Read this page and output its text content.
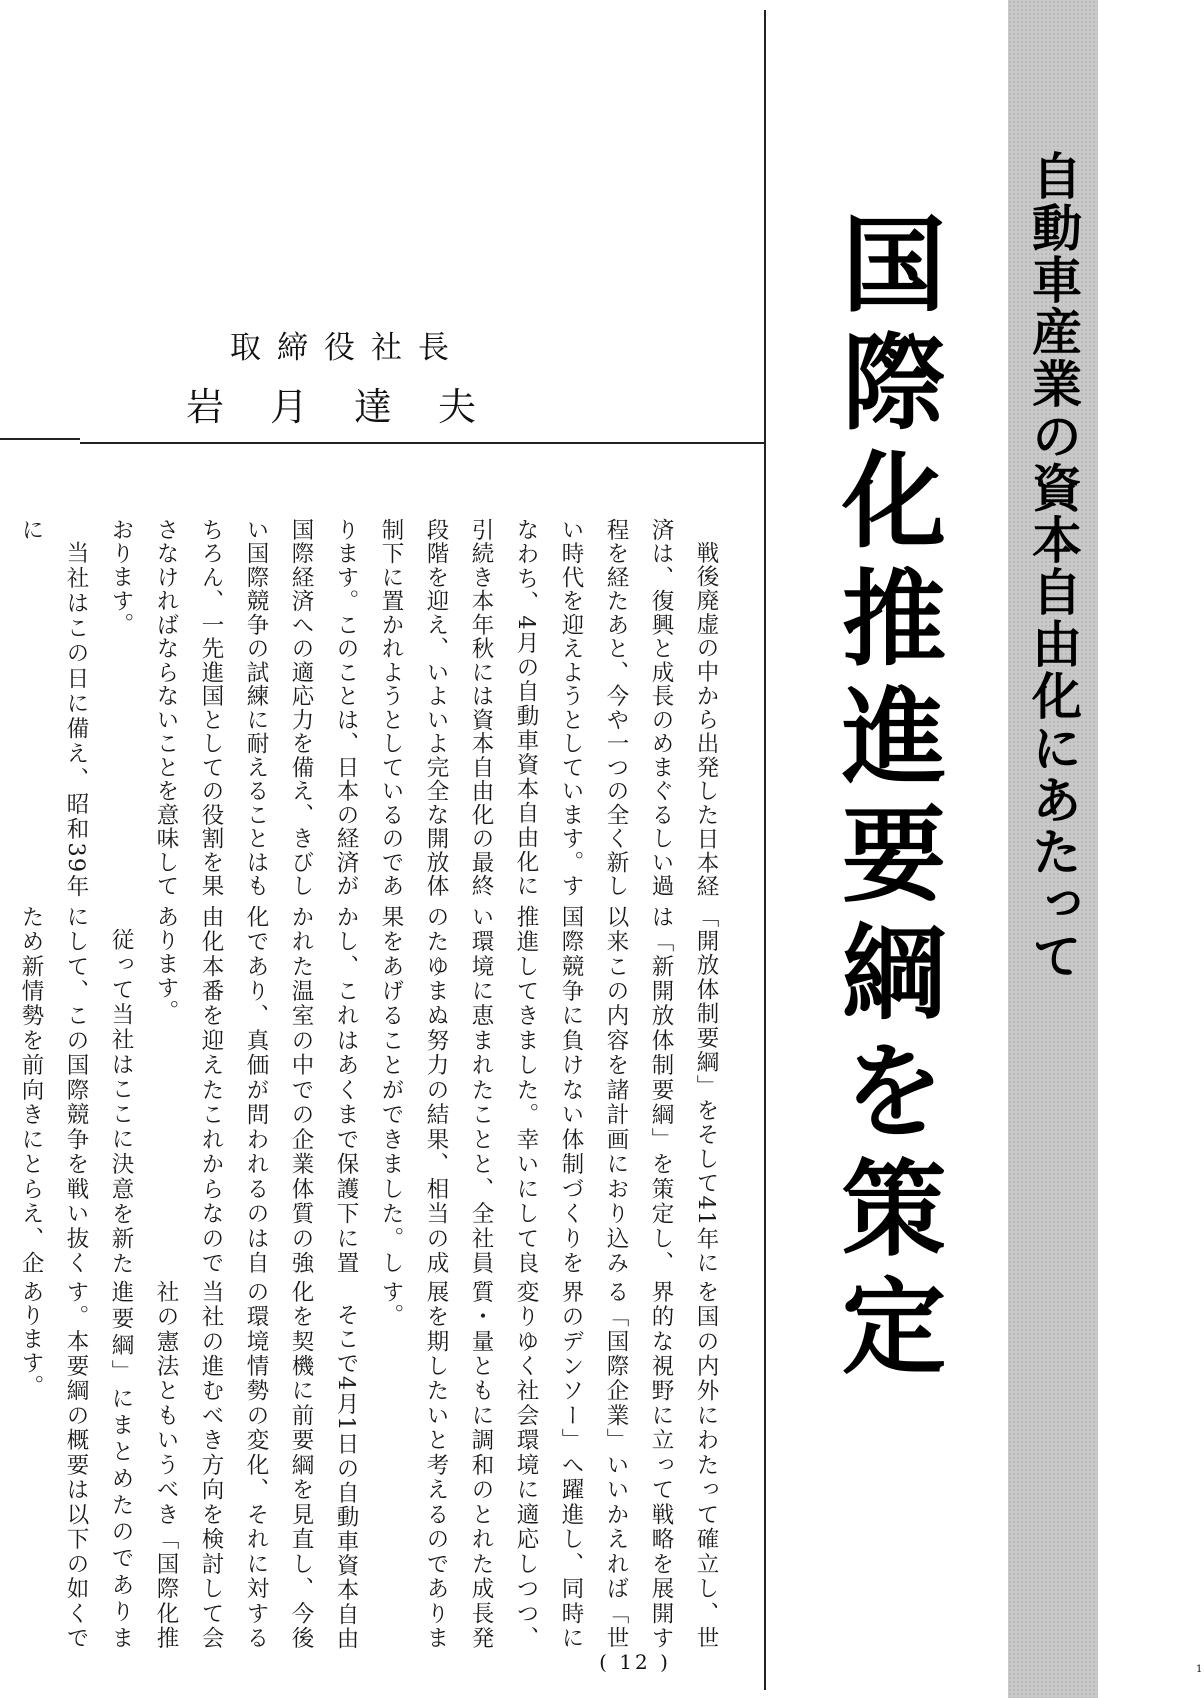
自動車産業の資本自由化にあたって
国際化推進要綱を策定
取締役社長
岩月達夫

戦後廃虚の中から出発した日本経済は、復興と成長のめまぐるしい過程を経たあと、今や一つの全く新しい時代を迎えようとしています。すなわち、4月の自動車資本自由化に引続き本年秋には資本自由化の最終段階を迎え、いよいよ完全な開放体制下に置かれようとしているのであります。このことは、日本の経済が国際経済への適応力を備え、きびしい国際競争の試練に耐えることはもちろん、一先進国としての役割を果さなければならないことを意味しております。

当社はこの日に備え、昭和39年に

「開放体制要綱」をそして41年には「新開放体制要綱」を策定し、以来この内容を諸計画におり込み国際競争に負けない体制づくりを推進してきました。幸いにして良い環境に恵まれたことと、全社員のたゆまぬ努力の結果、相当の成果をあげることができました。しかし、これはあくまで保護下に置かれた温室の中での企業体質の強化であり、真価が問われるのは自由化本番を迎えたこれからなのであります。

従って当社はここに決意を新たにして、この国際競争を戦い抜くため新情勢を前向きにとらえ、企

を国の内外にわたって確立し、世界的な視野に立って戦略を展開する「国際企業」いいかえれば「世界のデンソー」へ躍進し、同時に変りゆく社会環境に適応しつつ、質・量ともに調和のとれた成長発展を期したいと考えるのであります。

そこで4月1日の自動車資本自由化を契機に前要綱を見直し、今後の環境情勢の変化、それに対する当社の進むべき方向を検討して会社の憲法ともいうべき「国際化推進要綱」にまとめたのであります。本要綱の概要は以下の如くであります。

( 12 )	1
